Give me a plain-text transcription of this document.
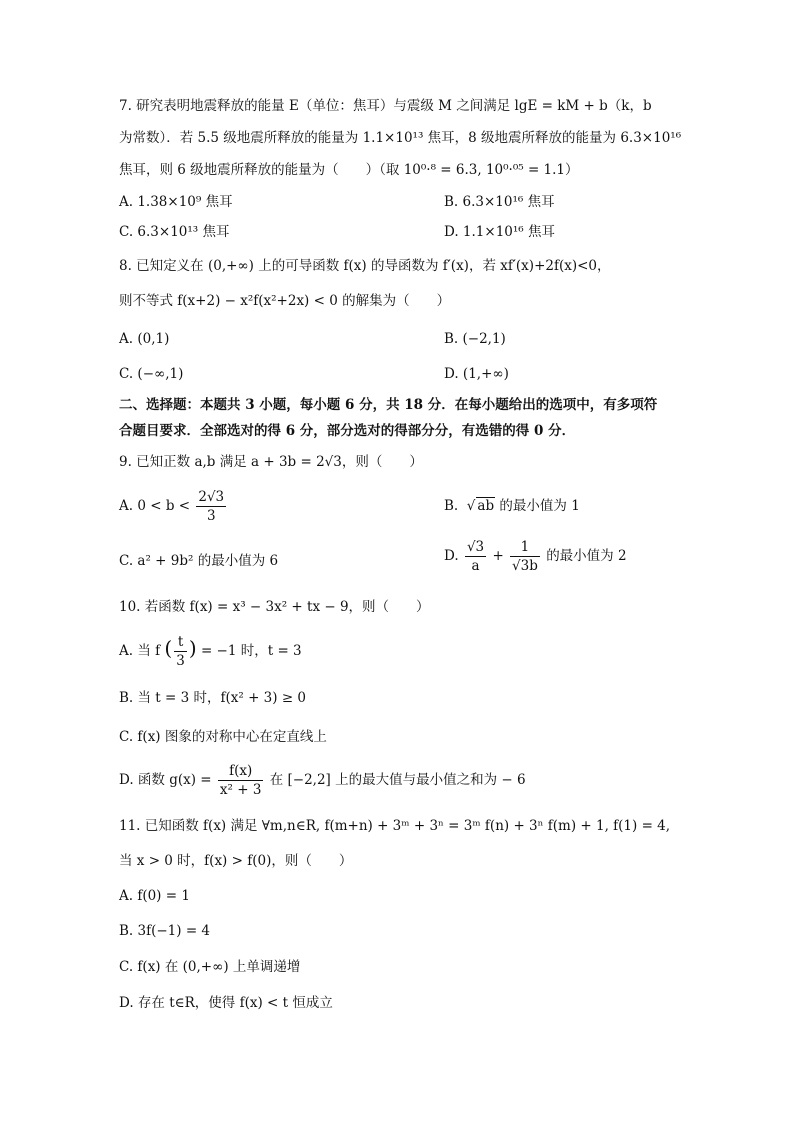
7. 研究表明地震释放的能量 E（单位：焦耳）与震级 M 之间满足 lgE = kM + b（k，b
为常数）．若 5.5 级地震所释放的能量为 1.1×10¹³ 焦耳，8 级地震所释放的能量为 6.3×10¹⁶
焦耳，则 6 级地震所释放的能量为（　　）（取 10⁰·⁸ = 6.3, 10⁰·⁰⁵ = 1.1）
A. 1.38×10⁹ 焦耳	B. 6.3×10¹⁶ 焦耳
C. 6.3×10¹³ 焦耳	D. 1.1×10¹⁶ 焦耳
8. 已知定义在 (0,+∞) 上的可导函数 f(x) 的导函数为 f′(x)，若 xf′(x)+2f(x)<0，
则不等式 f(x+2) − x²f(x²+2x) < 0 的解集为（　　）
A. (0,1)	B. (−2,1)
C. (−∞,1)	D. (1,+∞)
二、选择题：本题共 3 小题，每小题 6 分，共 18 分．在每小题给出的选项中，有多项符
合题目要求．全部选对的得 6 分，部分选对的得部分分，有选错的得 0 分．
9. 已知正数 a,b 满足 a + 3b = 2√3，则（　　）
A. $0 < b < \frac{2√3}{3}$	B.  √ ab 的最小值为 1
C. a² + 9b² 的最小值为 6	D. $\frac{√3}{a} + \frac{1}{√3b}$ 的最小值为 2
10. 若函数 f(x) = x³ − 3x² + tx − 9，则（　　）
A. 当 f ( $\frac{t}{3}$ ) = −1 时，t = 3
B. 当 t = 3 时，f(x² + 3) ≥ 0
C. f(x) 图象的对称中心在定直线上
D. 函数 $g(x) = \frac{f(x)}{\text{x² + 3}}$ 在 [−2,2] 上的最大值与最小值之和为 − 6
11. 已知函数 f(x) 满足 ∀m,n∈R, f(m+n) + 3ᵐ + 3ⁿ = 3ᵐ f(n) + 3ⁿ f(m) + 1, f(1) = 4,
当 x > 0 时，f(x) > f(0)，则（　　）
A. f(0) = 1
B. 3f(−1) = 4
C. f(x) 在 (0,+∞) 上单调递增
D. 存在 t∈R，使得 f(x) < t 恒成立
